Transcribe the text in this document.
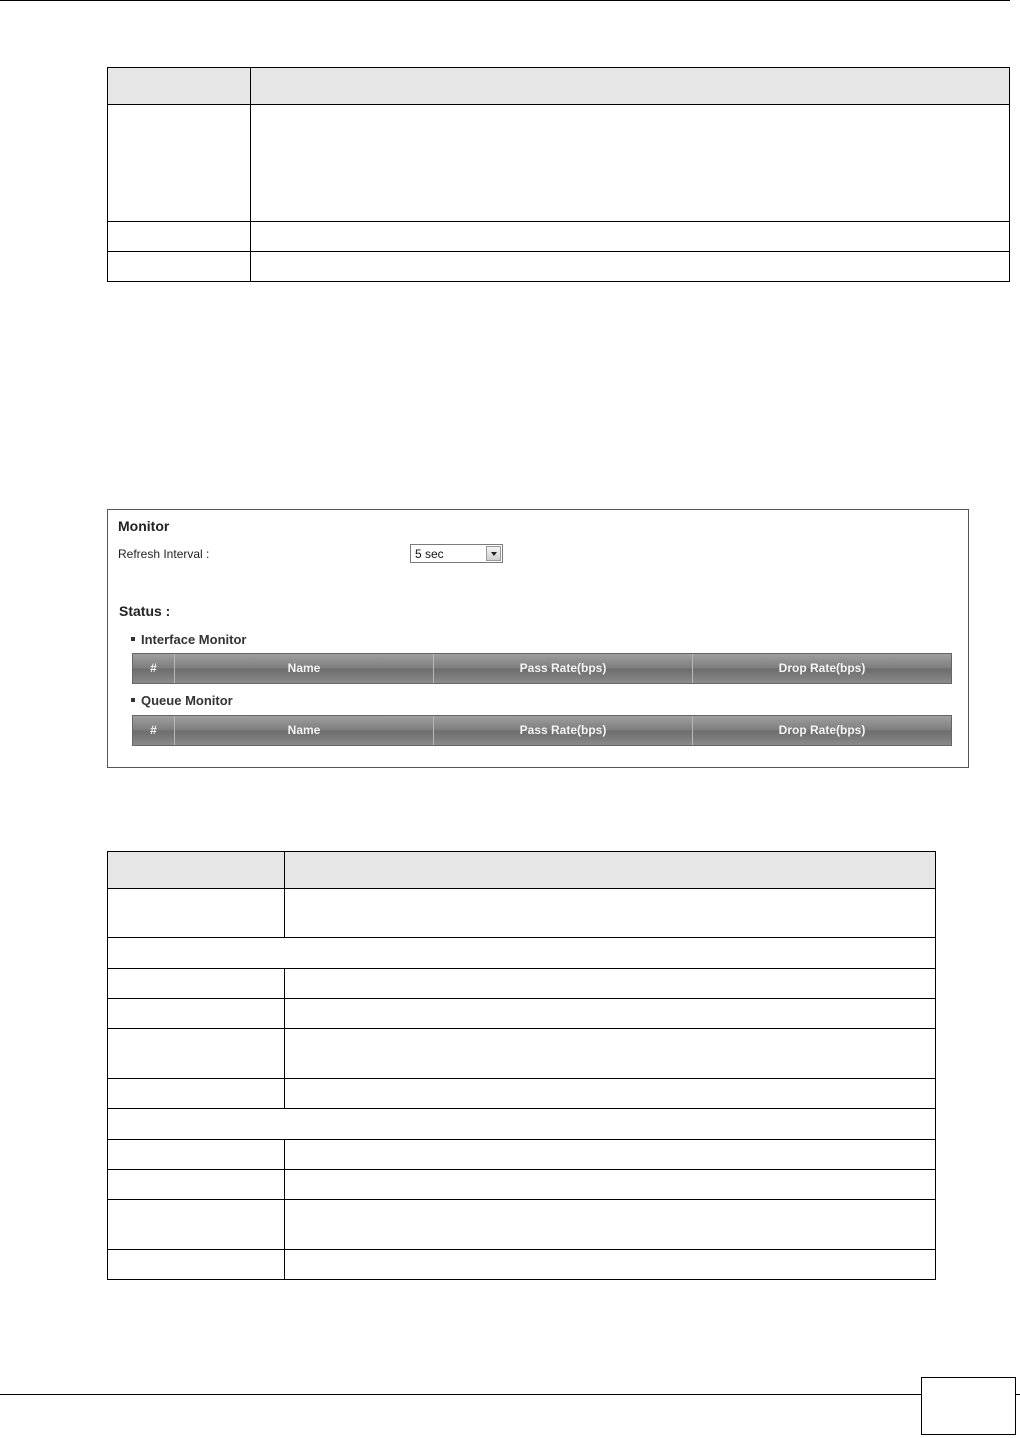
Monitor
Refresh Interval :	5 sec
Status :
Interface Monitor
#	Name	Pass Rate(bps)	Drop Rate(bps)
Queue Monitor
#	Name	Pass Rate(bps)	Drop Rate(bps)
